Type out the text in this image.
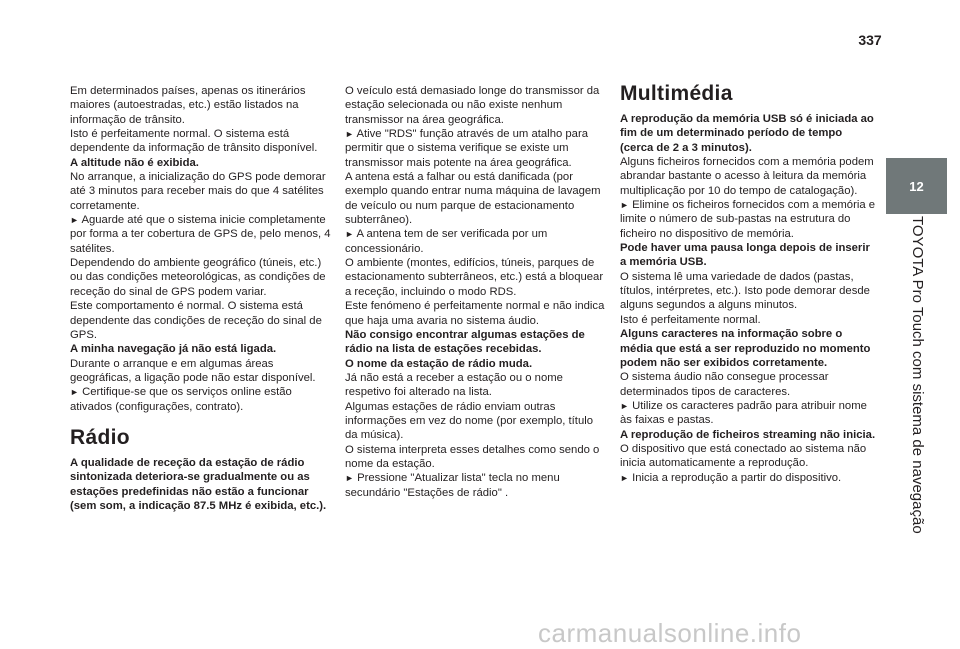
337
12
TOYOTA Pro Touch com sistema de navegação

Em determinados países, apenas os itinerários maiores (autoestradas, etc.) estão listados na informação de trânsito.

Isto é perfeitamente normal. O sistema está dependente da informação de trânsito disponível.

A altitude não é exibida.

No arranque, a inicialização do GPS pode demorar até 3 minutos para receber mais do que 4 satélites corretamente.

► Aguarde até que o sistema inicie completamente por forma a ter cobertura de GPS de, pelo menos, 4 satélites.

Dependendo do ambiente geográfico (túneis, etc.) ou das condições meteorológicas, as condições de receção do sinal de GPS podem variar.

Este comportamento é normal. O sistema está dependente das condições de receção do sinal de GPS.

A minha navegação já não está ligada.

Durante o arranque e em algumas áreas geográficas, a ligação pode não estar disponível.

► Certifique-se que os serviços online estão ativados (configurações, contrato).

Rádio

A qualidade de receção da estação de rádio sintonizada deteriora-se gradualmente ou as estações predefinidas não estão a funcionar (sem som, a indicação 87.5 MHz é exibida, etc.).

O veículo está demasiado longe do transmissor da estação selecionada ou não existe nenhum transmissor na área geográfica.

► Ative "RDS" função através de um atalho para permitir que o sistema verifique se existe um transmissor mais potente na área geográfica.

A antena está a falhar ou está danificada (por exemplo quando entrar numa máquina de lavagem de veículo ou num parque de estacionamento subterrâneo).

► A antena tem de ser verificada por um concessionário.

O ambiente (montes, edifícios, túneis, parques de estacionamento subterrâneos, etc.) está a bloquear a receção, incluindo o modo RDS.

Este fenómeno é perfeitamente normal e não indica que haja uma avaria no sistema áudio.

Não consigo encontrar algumas estações de rádio na lista de estações recebidas.

O nome da estação de rádio muda.

Já não está a receber a estação ou o nome respetivo foi alterado na lista.

Algumas estações de rádio enviam outras informações em vez do nome (por exemplo, título da música).

O sistema interpreta esses detalhes como sendo o nome da estação.

► Pressione "Atualizar lista" tecla no menu secundário "Estações de rádio" .

Multimédia

A reprodução da memória USB só é iniciada ao fim de um determinado período de tempo (cerca de 2 a 3 minutos).

Alguns ficheiros fornecidos com a memória podem abrandar bastante o acesso à leitura da memória multiplicação por 10 do tempo de catalogação).

► Elimine os ficheiros fornecidos com a memória e limite o número de sub-pastas na estrutura do ficheiro no dispositivo de memória.

Pode haver uma pausa longa depois de inserir a memória USB.

O sistema lê uma variedade de dados (pastas, títulos, intérpretes, etc.). Isto pode demorar desde alguns segundos a alguns minutos.

Isto é perfeitamente normal.

Alguns caracteres na informação sobre o média que está a ser reproduzido no momento podem não ser exibidos corretamente.

O sistema áudio não consegue processar determinados tipos de caracteres.

► Utilize os caracteres padrão para atribuir nome às faixas e pastas.

A reprodução de ficheiros streaming não inicia.

O dispositivo que está conectado ao sistema não inicia automaticamente a reprodução.

► Inicia a reprodução a partir do dispositivo.

carmanualsonline.info
